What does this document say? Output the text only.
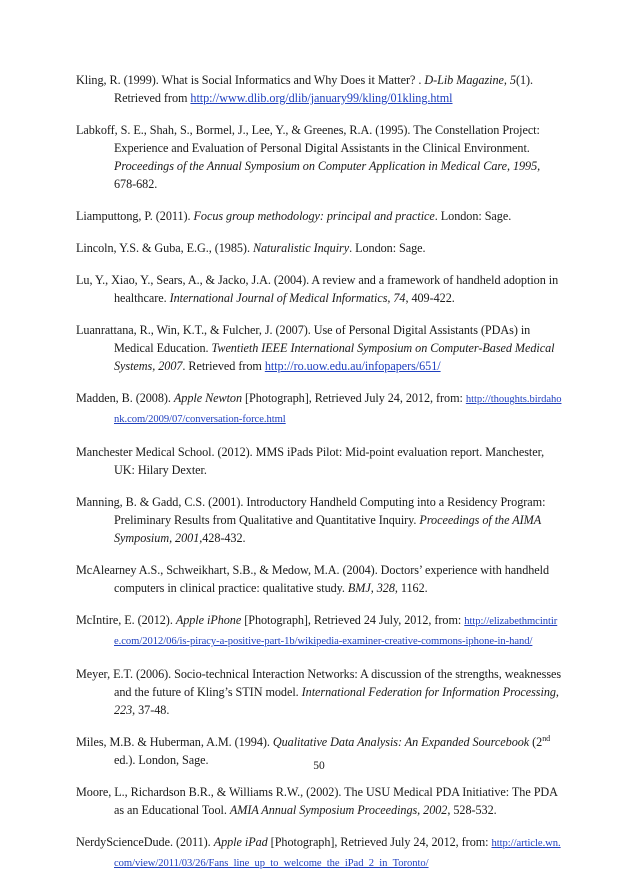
Kling, R. (1999). What is Social Informatics and Why Does it Matter? . D-Lib Magazine, 5(1). Retrieved from http://www.dlib.org/dlib/january99/kling/01kling.html

Labkoff, S. E., Shah, S., Bormel, J., Lee, Y., & Greenes, R.A. (1995). The Constellation Project: Experience and Evaluation of Personal Digital Assistants in the Clinical Environment. Proceedings of the Annual Symposium on Computer Application in Medical Care, 1995, 678-682.

Liamputtong, P. (2011). Focus group methodology: principal and practice. London: Sage.

Lincoln, Y.S. & Guba, E.G., (1985). Naturalistic Inquiry. London: Sage.

Lu, Y., Xiao, Y., Sears, A., & Jacko, J.A. (2004). A review and a framework of handheld adoption in healthcare. International Journal of Medical Informatics, 74, 409-422.

Luanrattana, R., Win, K.T., & Fulcher, J. (2007). Use of Personal Digital Assistants (PDAs) in Medical Education. Twentieth IEEE International Symposium on Computer-Based Medical Systems, 2007. Retrieved from http://ro.uow.edu.au/infopapers/651/

Madden, B. (2008). Apple Newton [Photograph], Retrieved July 24, 2012, from: http://thoughts.birdahonk.com/2009/07/conversation-force.html

Manchester Medical School. (2012). MMS iPads Pilot: Mid-point evaluation report. Manchester, UK: Hilary Dexter.

Manning, B. & Gadd, C.S. (2001). Introductory Handheld Computing into a Residency Program: Preliminary Results from Qualitative and Quantitative Inquiry. Proceedings of the AIMA Symposium, 2001,428-432.

McAlearney A.S., Schweikhart, S.B., & Medow, M.A. (2004). Doctors’ experience with handheld computers in clinical practice: qualitative study. BMJ, 328, 1162.

McIntire, E. (2012). Apple iPhone [Photograph], Retrieved 24 July, 2012, from: http://elizabethmcintire.com/2012/06/is-piracy-a-positive-part-1b/wikipedia-examiner-creative-commons-iphone-in-hand/

Meyer, E.T. (2006). Socio-technical Interaction Networks: A discussion of the strengths, weaknesses and the future of Kling’s STIN model. International Federation for Information Processing, 223, 37-48.

Miles, M.B. & Huberman, A.M. (1994). Qualitative Data Analysis: An Expanded Sourcebook (2nd ed.). London, Sage.

Moore, L., Richardson B.R., & Williams R.W., (2002). The USU Medical PDA Initiative: The PDA as an Educational Tool. AMIA Annual Symposium Proceedings, 2002, 528-532.

NerdyScienceDude. (2011). Apple iPad [Photograph], Retrieved July 24, 2012, from: http://article.wn.com/view/2011/03/26/Fans_line_up_to_welcome_the_iPad_2_in_Toronto/

50
